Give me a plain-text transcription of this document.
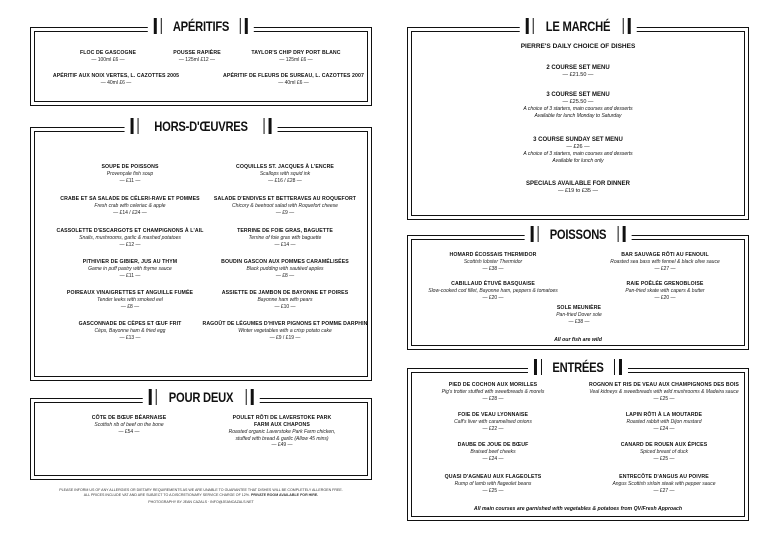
APÉRITIFS
FLOC DE GASCOGNE
— 100ml £6 —
POUSSE RAPIÈRE
— 125ml £12 —
TAYLOR'S CHIP DRY PORT BLANC
— 125ml £6 —
APÉRITIF AUX NOIX VERTES, L. CAZOTTES 2005
— 40ml £6 —
APÉRITIF DE FLEURS DE SUREAU, L. CAZOTTES 2007
— 40ml £6 —
HORS-D'ŒUVRES
SOUPE DE POISSONS
Provençale fish soup
— £11 —
COQUILLES ST. JACQUES À L'ENCRE
Scallops with squid ink
— £16 / £28 —
CRABE ET SA SALADE DE CÉLERI-RAVE ET POMMES
Fresh crab with celeriac & apple
— £14 / £24 —
SALADE D'ENDIVES ET BETTERAVES AU ROQUEFORT
Chicory & beetroot salad with Roquefort cheese
— £9 —
CASSOLETTE D'ESCARGOTS ET CHAMPIGNONS À L'AIL
Snails, mushrooms, garlic & mashed potatoes
— £12 —
TERRINE DE FOIE GRAS, BAGUETTE
Terrine of foie gras with baguette
— £14 —
PITHIVIER DE GIBIER, JUS AU THYM
Game in puff pastry with thyme sauce
— £11 —
BOUDIN GASCON AUX POMMES CARAMÉLISÉES
Black pudding with sautéed apples
— £8 —
POIREAUX VINAIGRETTES ET ANGUILLE FUMÉE
Tender leeks with smoked eel
— £8 —
ASSIETTE DE JAMBON DE BAYONNE ET POIRES
Bayonne ham with pears
— £10 —
GASCONNADE DE CÈPES ET ŒUF FRIT
Cèps, Bayonne ham & fried egg
— £13 —
RAGOÛT DE LÉGUMES D'HIVER PIGNONS ET POMME DARPHIN
Winter vegetables with a crisp potato cake
— £9 / £19 —
POUR DEUX
CÔTE DE BŒUF BÉARNAISE
Scottish rib of beef on the bone
— £54 —
POULET RÔTI DE LAVERSTOKE PARK FARM AUX CHAPONS
Roasted organic Laverstoke Park Farm chicken, stuffed with bread & garlic (Allow 45 mins)
— £49 —
PLEASE INFORM US OF ANY ALLERGIES OR DIETARY REQUIREMENTS AS WE ARE UNABLE TO GUARANTEE THAT DISHES WILL BE COMPLETELY ALLERGEN FREE.
ALL PRICES INCLUDE VAT AND ARE SUBJECT TO A DISCRETIONARY SERVICE CHARGE OF 12%. PRIVATE ROOM AVAILABLE FOR HIRE.
PHOTOGRAPHY BY JEAN CAZALS · INFO@JEANCAZALS.NET
LE MARCHÉ
PIERRE'S DAILY CHOICE OF DISHES
2 COURSE SET MENU
— £21.50 —
3 COURSE SET MENU
— £25.50 —
A choice of 3 starters, main courses and desserts
Available for lunch Monday to Saturday
3 COURSE SUNDAY SET MENU
— £26 —
A choice of 3 starters, main courses and desserts
Available for lunch only
SPECIALS AVAILABLE FOR DINNER
— £19 to £35 —
POISSONS
HOMARD ÉCOSSAIS THERMIDOR
Scottish lobster Thermidor
— £38 —
BAR SAUVAGE RÔTI AU FENOUIL
Roasted sea bass with fennel & black olive sauce
— £27 —
CABILLAUD ÉTUVÉ BASQUAISE
Slow-cooked cod fillet, Bayonne ham, peppers & tomatoes
— £20 —
RAIE POÊLÉE GRENOBLOISE
Pan-fried skate with capers & butter
— £20 —
SOLE MEUNIÈRE
Pan-fried Dover sole
— £38 —
All our fish are wild
ENTRÉES
All main courses are garnished with vegetables & potatoes from QV/Fresh Approach
PIED DE COCHON AUX MORILLES
Pig's trotter stuffed with sweetbreads & morels
— £28 —
ROGNON ET RIS DE VEAU AUX CHAMPIGNONS DES BOIS
Veal kidneys & sweetbreads with wild mushrooms & Madeira sauce
— £25 —
FOIE DE VEAU LYONNAISE
Calf's liver with caramelised onions
— £22 —
LAPIN RÔTI À LA MOUTARDE
Roasted rabbit with Dijon mustard
— £24 —
DAUBE DE JOUE DE BŒUF
Braised beef cheeks
— £24 —
CANARD DE ROUEN AUX ÉPICES
Spiced breast of duck
— £25 —
QUASI D'AGNEAU AUX FLAGEOLETS
Rump of lamb with flageolet beans
— £25 —
ENTRECÔTE D'ANGUS AU POIVRE
Angus Scottish sirloin steak with pepper sauce
— £27 —
